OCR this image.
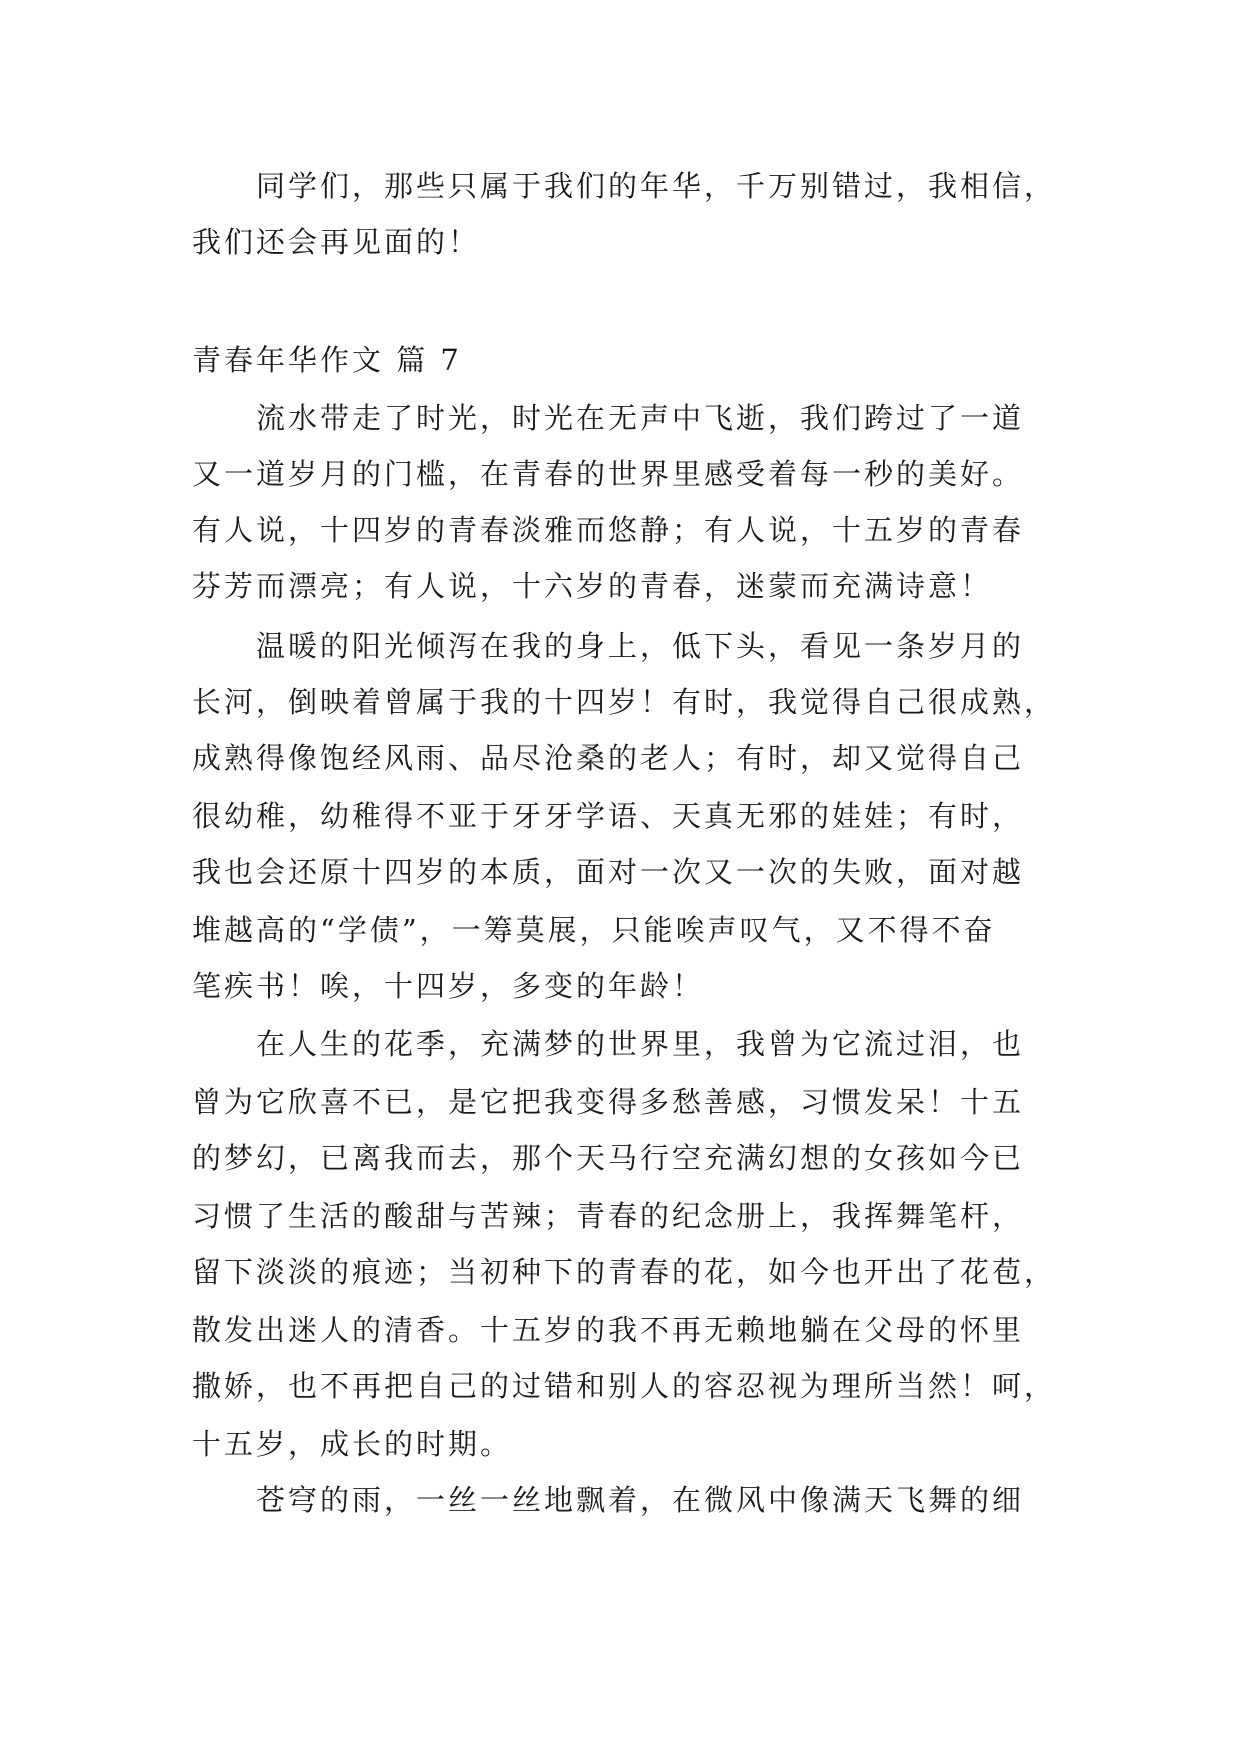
同学们，那些只属于我们的年华，千万别错过，我相信，
我们还会再见面的！
青春年华作文 篇 7
流水带走了时光，时光在无声中飞逝，我们跨过了一道
又一道岁月的门槛，在青春的世界里感受着每一秒的美好。
有人说，十四岁的青春淡雅而悠静；有人说，十五岁的青春
芬芳而漂亮；有人说，十六岁的青春，迷蒙而充满诗意！
温暖的阳光倾泻在我的身上，低下头，看见一条岁月的
长河，倒映着曾属于我的十四岁！有时，我觉得自己很成熟，
成熟得像饱经风雨、品尽沧桑的老人；有时，却又觉得自己
很幼稚，幼稚得不亚于牙牙学语、天真无邪的娃娃；有时，
我也会还原十四岁的本质，面对一次又一次的失败，面对越
堆越高的“学债”，一筹莫展，只能唉声叹气，又不得不奋
笔疾书！唉，十四岁，多变的年龄！
在人生的花季，充满梦的世界里，我曾为它流过泪，也
曾为它欣喜不已，是它把我变得多愁善感，习惯发呆！十五
的梦幻，已离我而去，那个天马行空充满幻想的女孩如今已
习惯了生活的酸甜与苦辣；青春的纪念册上，我挥舞笔杆，
留下淡淡的痕迹；当初种下的青春的花，如今也开出了花苞，
散发出迷人的清香。十五岁的我不再无赖地躺在父母的怀里
撒娇，也不再把自己的过错和别人的容忍视为理所当然！呵，
十五岁，成长的时期。
苍穹的雨，一丝一丝地飘着，在微风中像满天飞舞的细
